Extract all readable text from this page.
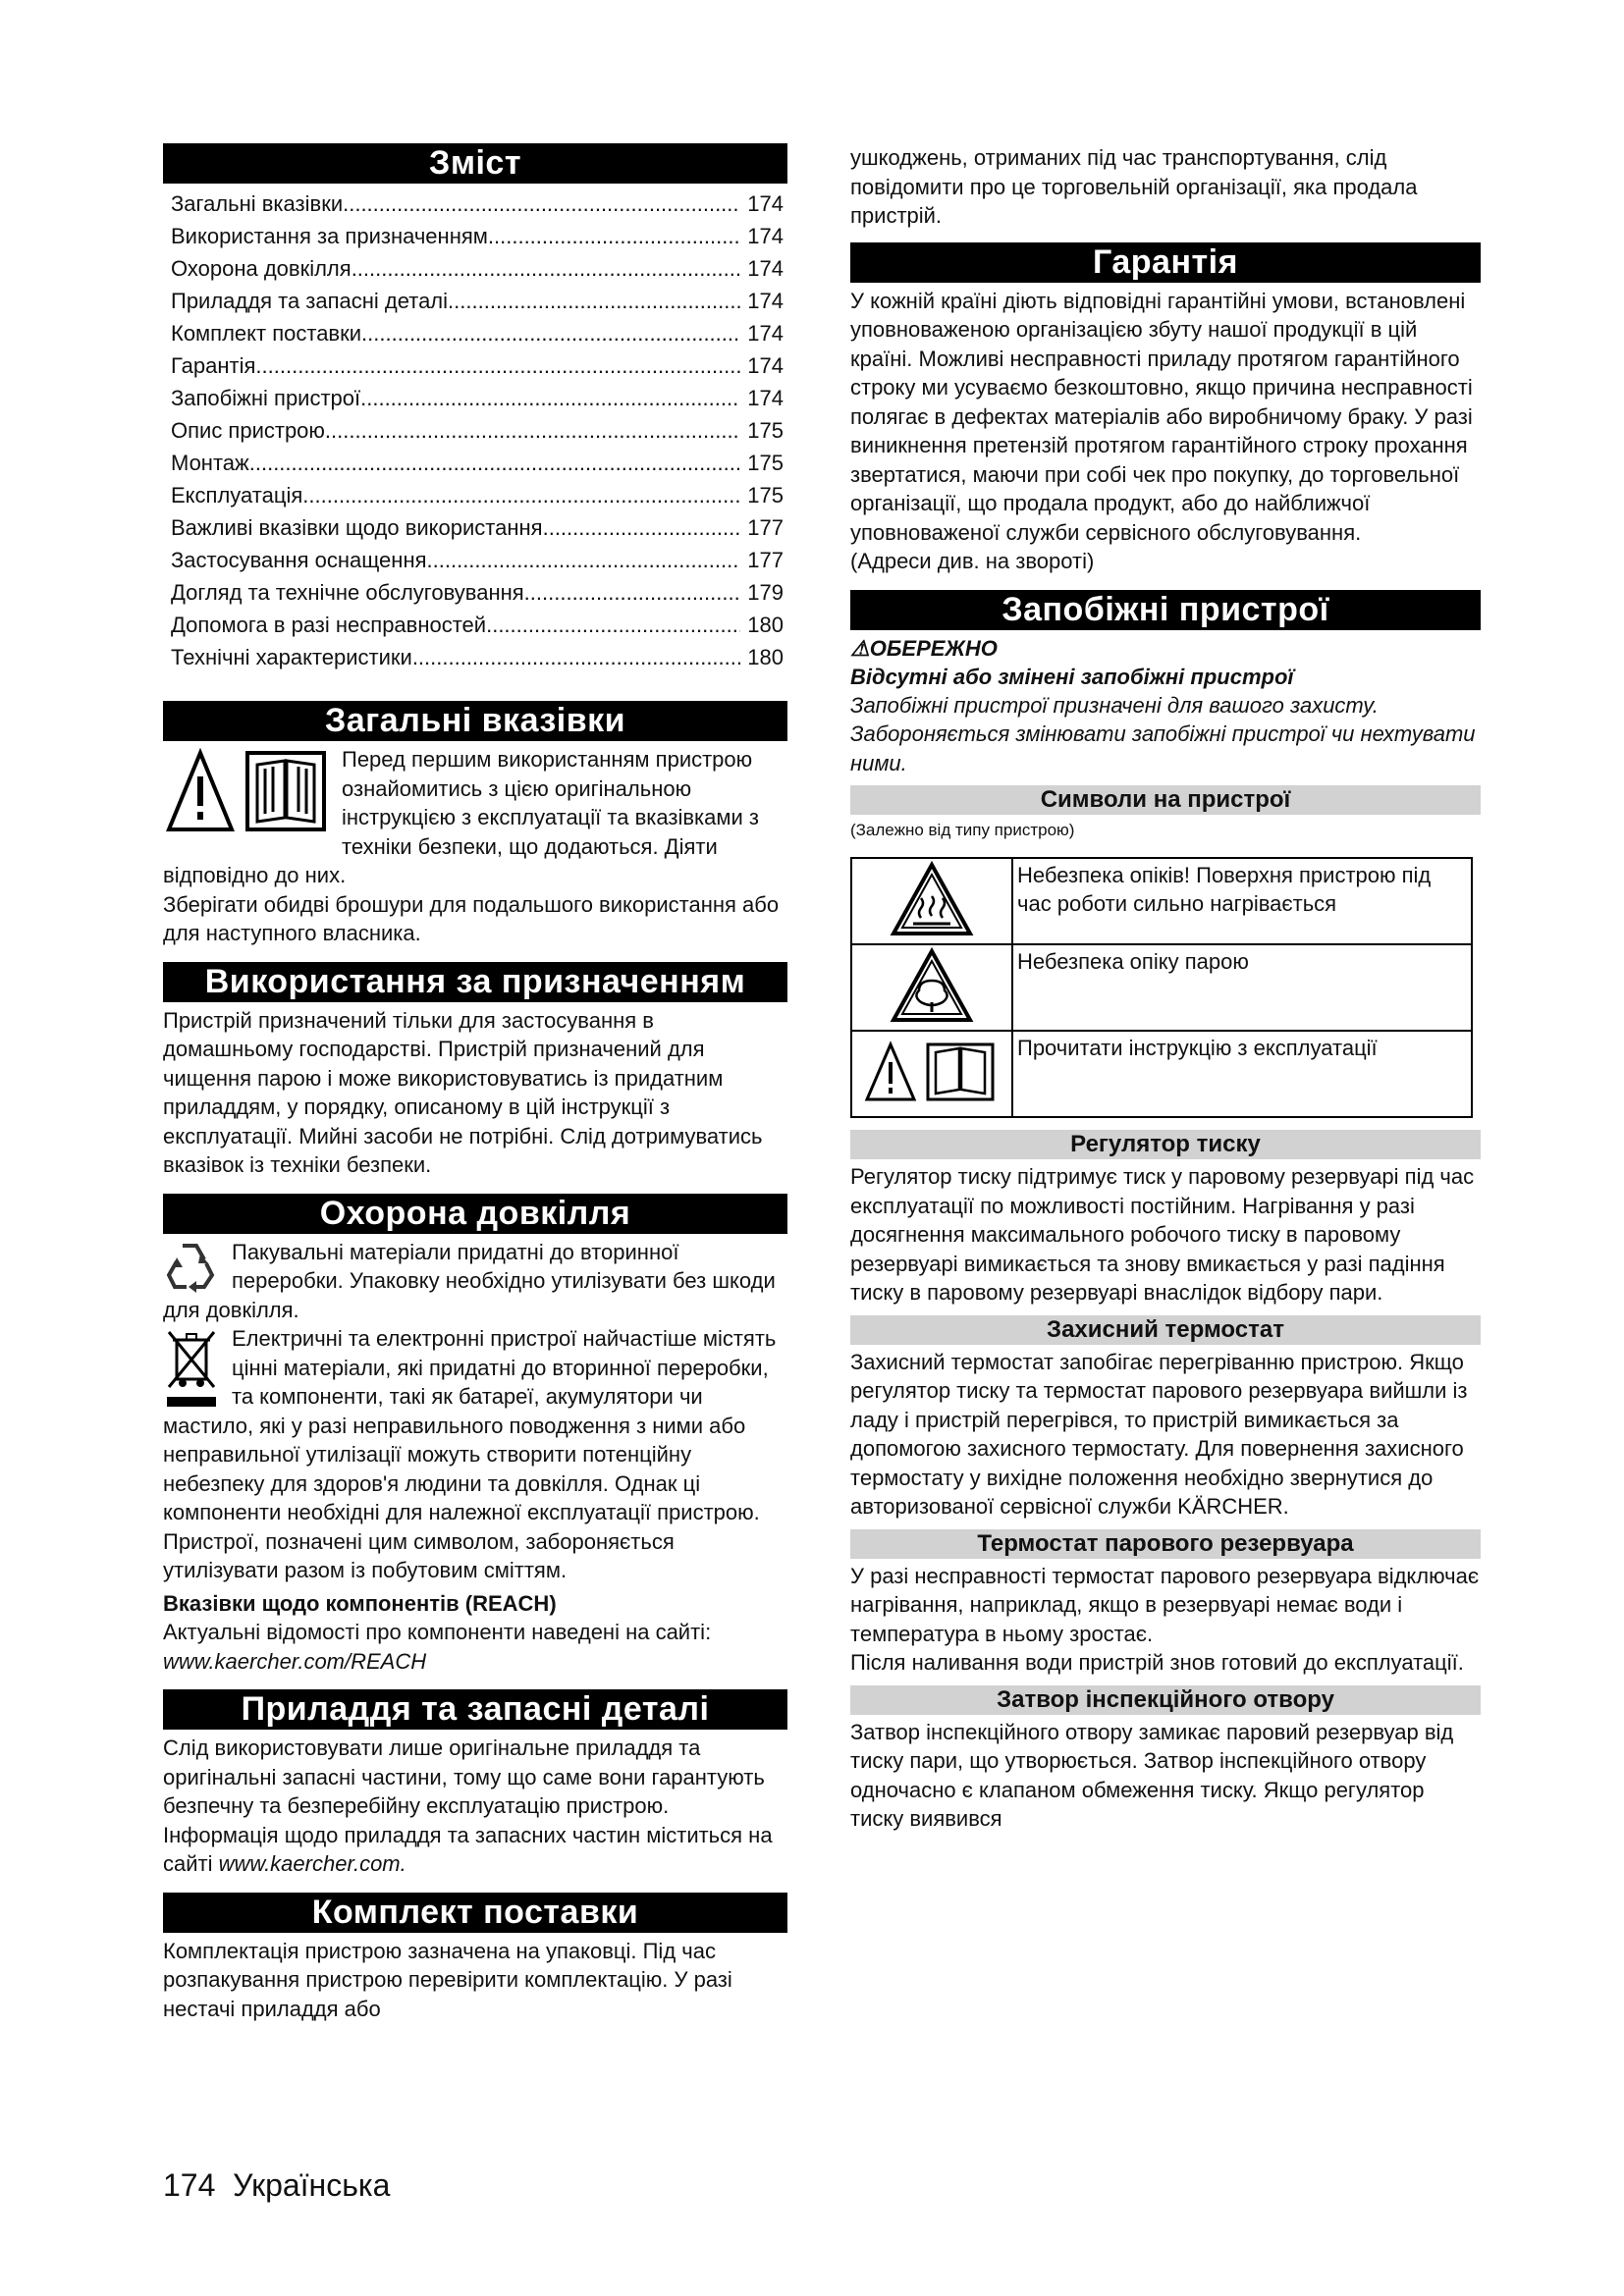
Зміст
Загальні вказівки .....	174
Використання за призначенням .....	174
Охорона довкілля .....	174
Приладдя та запасні деталі .....	174
Комплект поставки .....	174
Гарантія .....	174
Запобіжні пристрої .....	174
Опис пристрою .....	175
Монтаж .....	175
Експлуатація .....	175
Важливі вказівки щодо використання .....	177
Застосування оснащення .....	177
Догляд та технічне обслуговування .....	179
Допомога в разі несправностей .....	180
Технічні характеристики .....	180
Загальні вказівки

Перед першим використанням пристрою ознайомитись з цією оригінальною інструкцією з експлуатації та вказівками з техніки безпеки, що додаються. Діяти відповідно до них.

Зберігати обидві брошури для подальшого використання або для наступного власника.

Використання за призначенням

Пристрій призначений тільки для застосування в домашньому господарстві. Пристрій призначений для чищення парою і може використовуватись із придатним приладдям, у порядку, описаному в цій інструкції з експлуатації. Мийні засоби не потрібні. Слід дотримуватись вказівок із техніки безпеки.

Охорона довкілля

Пакувальні матеріали придатні до вторинної переробки. Упаковку необхідно утилізувати без шкоди для довкілля.

Електричні та електронні пристрої найчастіше містять цінні матеріали, які придатні до вторинної переробки, та компоненти, такі як батареї, акумулятори чи мастило, які у разі неправильного поводження з ними або неправильної утилізації можуть створити потенційну небезпеку для здоров'я людини та довкілля. Однак ці компоненти необхідні для належної експлуатації пристрою. Пристрої, позначені цим символом, забороняється утилізувати разом із побутовим сміттям.

Вказівки щодо компонентів (REACH)

Актуальні відомості про компоненти наведені на сайті: www.kaercher.com/REACH

Приладдя та запасні деталі

Слід використовувати лише оригінальне приладдя та оригінальні запасні частини, тому що саме вони гарантують безпечну та безперебійну експлуатацію пристрою.

Інформація щодо приладдя та запасних частин міститься на сайті www.kaercher.com.

Комплект поставки

Комплектація пристрою зазначена на упаковці. Під час розпакування пристрою перевірити комплектацію. У разі нестачі приладдя або

ушкоджень, отриманих під час транспортування, слід повідомити про це торговельній організації, яка продала пристрій.

Гарантія

У кожній країні діють відповідні гарантійні умови, встановлені уповноваженою організацією збуту нашої продукції в цій країні. Можливі несправності приладу протягом гарантійного строку ми усуваємо безкоштовно, якщо причина несправності полягає в дефектах матеріалів або виробничому браку. У разі виникнення претензій протягом гарантійного строку прохання звертатися, маючи при собі чек про покупку, до торговельної організації, що продала продукт, або до найближчої уповноваженої служби сервісного обслуговування.

(Адреси див. на звороті)

Запобіжні пристрої
⚠ОБЕРЕЖНО
Відсутні або змінені запобіжні пристрої

Запобіжні пристрої призначені для вашого захисту. Забороняється змінювати запобіжні пристрої чи нехтувати ними.

Символи на пристрої

(Залежно від типу пристрою)

	Небезпека опіків! Поверхня пристрою під час роботи сильно нагрівається
	Небезпека опіку парою
	Прочитати інструкцію з експлуатації
Регулятор тиску

Регулятор тиску підтримує тиск у паровому резервуарі під час експлуатації по можливості постійним. Нагрівання у разі досягнення максимального робочого тиску в паровому резервуарі вимикається та знову вмикається у разі падіння тиску в паровому резервуарі внаслідок відбору пари.

Захисний термостат

Захисний термостат запобігає перегріванню пристрою. Якщо регулятор тиску та термостат парового резервуара вийшли із ладу і пристрій перегрівся, то пристрій вимикається за допомогою захисного термостату. Для повернення захисного термостату у вихідне положення необхідно звернутися до авторизованої сервісної служби KÄRCHER.

Термостат парового резервуара

У разі несправності термостат парового резервуара відключає нагрівання, наприклад, якщо в резервуарі немає води і температура в ньому зростає.

Після наливання води пристрій знов готовий до експлуатації.

Затвор інспекційного отвору

Затвор інспекційного отвору замикає паровий резервуар від тиску пари, що утворюється. Затвор інспекційного отвору одночасно є клапаном обмеження тиску. Якщо регулятор тиску виявився

174 Українська
